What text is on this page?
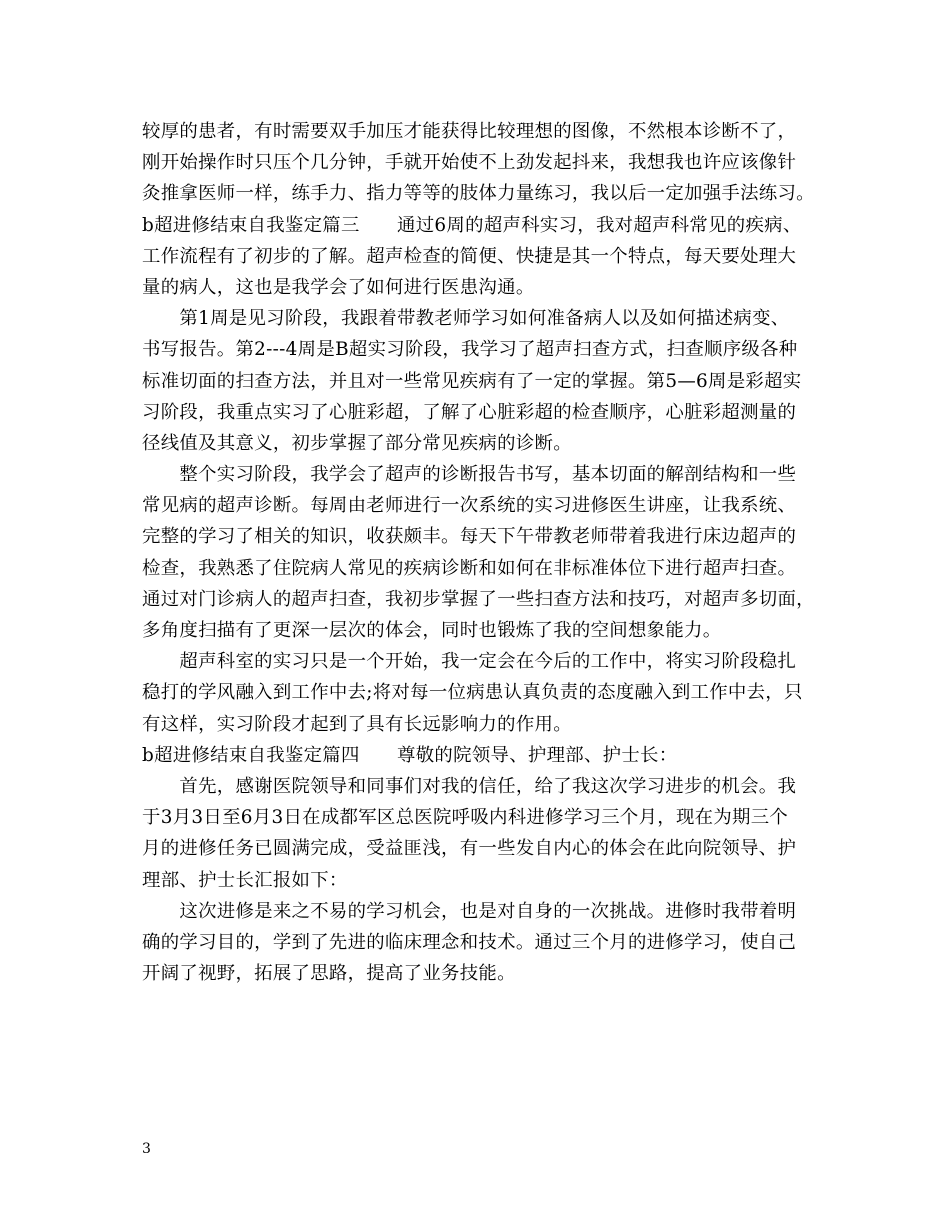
较厚的患者，有时需要双手加压才能获得比较理想的图像，不然根本诊断不了，
刚开始操作时只压个几分钟，手就开始使不上劲发起抖来，我想我也许应该像针
灸推拿医师一样，练手力、指力等等的肢体力量练习，我以后一定加强手法练习。
b超进修结束自我鉴定篇三　　通过6周的超声科实习，我对超声科常见的疾病、
工作流程有了初步的了解。超声检查的简便、快捷是其一个特点，每天要处理大
量的病人，这也是我学会了如何进行医患沟通。
　　第1周是见习阶段，我跟着带教老师学习如何准备病人以及如何描述病变、
书写报告。第2---4周是B超实习阶段，我学习了超声扫查方式，扫查顺序级各种
标准切面的扫查方法，并且对一些常见疾病有了一定的掌握。第5—6周是彩超实
习阶段，我重点实习了心脏彩超，了解了心脏彩超的检查顺序，心脏彩超测量的
径线值及其意义，初步掌握了部分常见疾病的诊断。
　　整个实习阶段，我学会了超声的诊断报告书写，基本切面的解剖结构和一些
常见病的超声诊断。每周由老师进行一次系统的实习进修医生讲座，让我系统、
完整的学习了相关的知识，收获颇丰。每天下午带教老师带着我进行床边超声的
检查，我熟悉了住院病人常见的疾病诊断和如何在非标准体位下进行超声扫查。
通过对门诊病人的超声扫查，我初步掌握了一些扫查方法和技巧，对超声多切面，
多角度扫描有了更深一层次的体会，同时也锻炼了我的空间想象能力。
　　超声科室的实习只是一个开始，我一定会在今后的工作中，将实习阶段稳扎
稳打的学风融入到工作中去;将对每一位病患认真负责的态度融入到工作中去，只
有这样，实习阶段才起到了具有长远影响力的作用。
b超进修结束自我鉴定篇四　　尊敬的院领导、护理部、护士长：
　　首先，感谢医院领导和同事们对我的信任，给了我这次学习进步的机会。我
于3月3日至6月3日在成都军区总医院呼吸内科进修学习三个月，现在为期三个
月的进修任务已圆满完成，受益匪浅，有一些发自内心的体会在此向院领导、护
理部、护士长汇报如下：
　　这次进修是来之不易的学习机会，也是对自身的一次挑战。进修时我带着明
确的学习目的，学到了先进的临床理念和技术。通过三个月的进修学习，使自己
开阔了视野，拓展了思路，提高了业务技能。
3
